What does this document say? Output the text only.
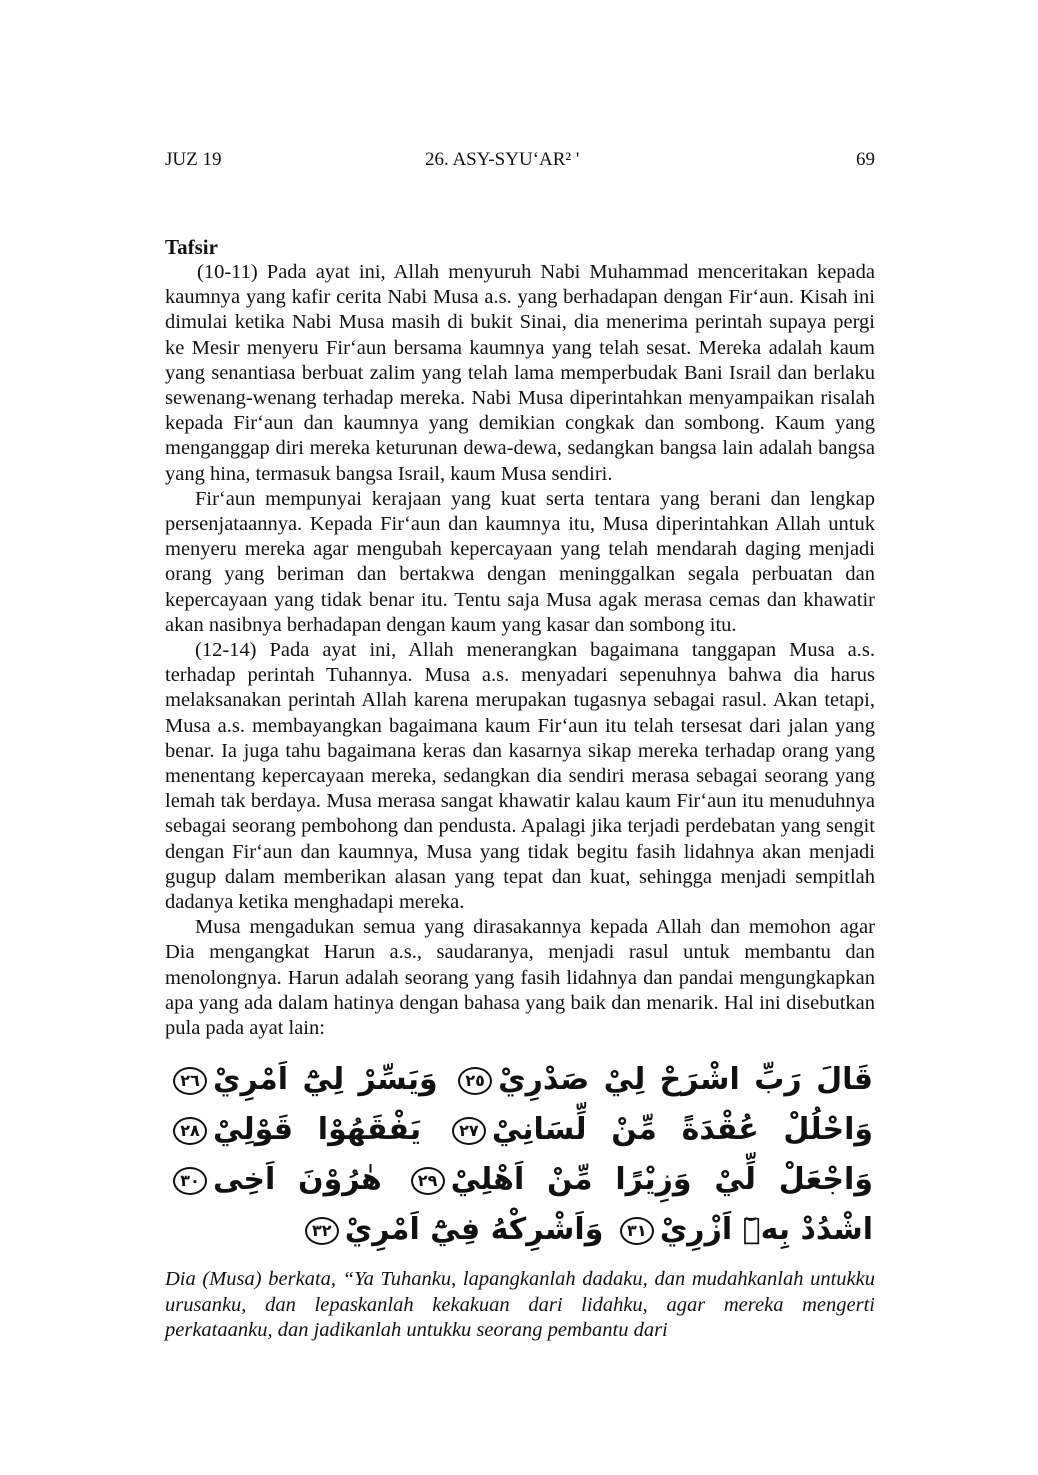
JUZ 19	26. ASY-SYU‘AR² '	69
Tafsir

(10-11) Pada ayat ini, Allah menyuruh Nabi Muhammad menceritakan kepada kaumnya yang kafir cerita Nabi Musa a.s. yang berhadapan dengan Fir‘aun. Kisah ini dimulai ketika Nabi Musa masih di bukit Sinai, dia menerima perintah supaya pergi ke Mesir menyeru Fir‘aun bersama kaumnya yang telah sesat. Mereka adalah kaum yang senantiasa berbuat zalim yang telah lama memperbudak Bani Israil dan berlaku sewenang-wenang terhadap mereka. Nabi Musa diperintahkan menyampaikan risalah kepada Fir‘aun dan kaumnya yang demikian congkak dan sombong. Kaum yang menganggap diri mereka keturunan dewa-dewa, sedangkan bangsa lain adalah bangsa yang hina, termasuk bangsa Israil, kaum Musa sendiri.

Fir‘aun mempunyai kerajaan yang kuat serta tentara yang berani dan lengkap persenjataannya. Kepada Fir‘aun dan kaumnya itu, Musa diperintahkan Allah untuk menyeru mereka agar mengubah kepercayaan yang telah mendarah daging menjadi orang yang beriman dan bertakwa dengan meninggalkan segala perbuatan dan kepercayaan yang tidak benar itu. Tentu saja Musa agak merasa cemas dan khawatir akan nasibnya berhadapan dengan kaum yang kasar dan sombong itu.

(12-14) Pada ayat ini, Allah menerangkan bagaimana tanggapan Musa a.s. terhadap perintah Tuhannya. Musa a.s. menyadari sepenuhnya bahwa dia harus melaksanakan perintah Allah karena merupakan tugasnya sebagai rasul. Akan tetapi, Musa a.s. membayangkan bagaimana kaum Fir‘aun itu telah tersesat dari jalan yang benar. Ia juga tahu bagaimana keras dan kasarnya sikap mereka terhadap orang yang menentang kepercayaan mereka, sedangkan dia sendiri merasa sebagai seorang yang lemah tak berdaya. Musa merasa sangat khawatir kalau kaum Fir‘aun itu menuduhnya sebagai seorang pembohong dan pendusta. Apalagi jika terjadi perdebatan yang sengit dengan Fir‘aun dan kaumnya, Musa yang tidak begitu fasih lidahnya akan menjadi gugup dalam memberikan alasan yang tepat dan kuat, sehingga menjadi sempitlah dadanya ketika menghadapi mereka.

Musa mengadukan semua yang dirasakannya kepada Allah dan memohon agar Dia mengangkat Harun a.s., saudaranya, menjadi rasul untuk membantu dan menolongnya. Harun adalah seorang yang fasih lidahnya dan pandai mengungkapkan apa yang ada dalam hatinya dengan bahasa yang baik dan menarik. Hal ini disebutkan pula pada ayat lain:

قَالَ رَبِّ اشْرَحْ لِيْ صَدْرِيْ٢٥ وَيَسِّرْ لِيْٓ اَمْرِيْ٢٦ وَاحْلُلْ عُقْدَةً مِّنْ لِّسَانِيْ٢٧ يَفْقَهُوْا قَوْلِيْ٢٨ وَاجْعَلْ لِّيْ وَزِيْرًا مِّنْ اَهْلِيْ٢٩ هٰرُوْنَ اَخِى٣٠ اشْدُدْ بِهٖٓ اَزْرِيْ٣١ وَاَشْرِكْهُ فِيْٓ اَمْرِيْ٣٢

Dia (Musa) berkata, “Ya Tuhanku, lapangkanlah dadaku, dan mudahkanlah untukku urusanku, dan lepaskanlah kekakuan dari lidahku, agar mereka mengerti perkataanku, dan jadikanlah untukku seorang pembantu dari
